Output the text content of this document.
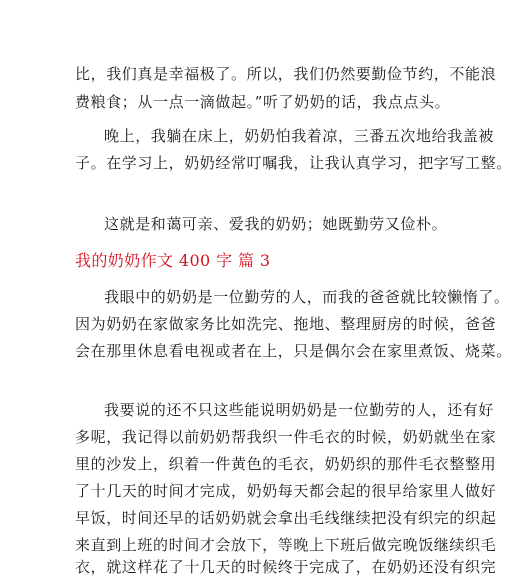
比，我们真是幸福极了。所以，我们仍然要勤俭节约，不能浪
费粮食；从一点一滴做起。”听了奶奶的话，我点点头。
晚上，我躺在床上，奶奶怕我着凉，三番五次地给我盖被
子。在学习上，奶奶经常叮嘱我，让我认真学习，把字写工整。
这就是和蔼可亲、爱我的奶奶；她既勤劳又俭朴。
我的奶奶作文 400 字 篇 3
我眼中的奶奶是一位勤劳的人，而我的爸爸就比较懒惰了。
因为奶奶在家做家务比如洗完、拖地、整理厨房的时候，爸爸
会在那里休息看电视或者在上，只是偶尔会在家里煮饭、烧菜。
我要说的还不只这些能说明奶奶是一位勤劳的人，还有好
多呢，我记得以前奶奶帮我织一件毛衣的时候，奶奶就坐在家
里的沙发上，织着一件黄色的毛衣，奶奶织的那件毛衣整整用
了十几天的时间才完成，奶奶每天都会起的很早给家里人做好
早饭，时间还早的话奶奶就会拿出毛线继续把没有织完的织起
来直到上班的时间才会放下，等晚上下班后做完晚饭继续织毛
衣，就这样花了十几天的时候终于完成了，在奶奶还没有织完
